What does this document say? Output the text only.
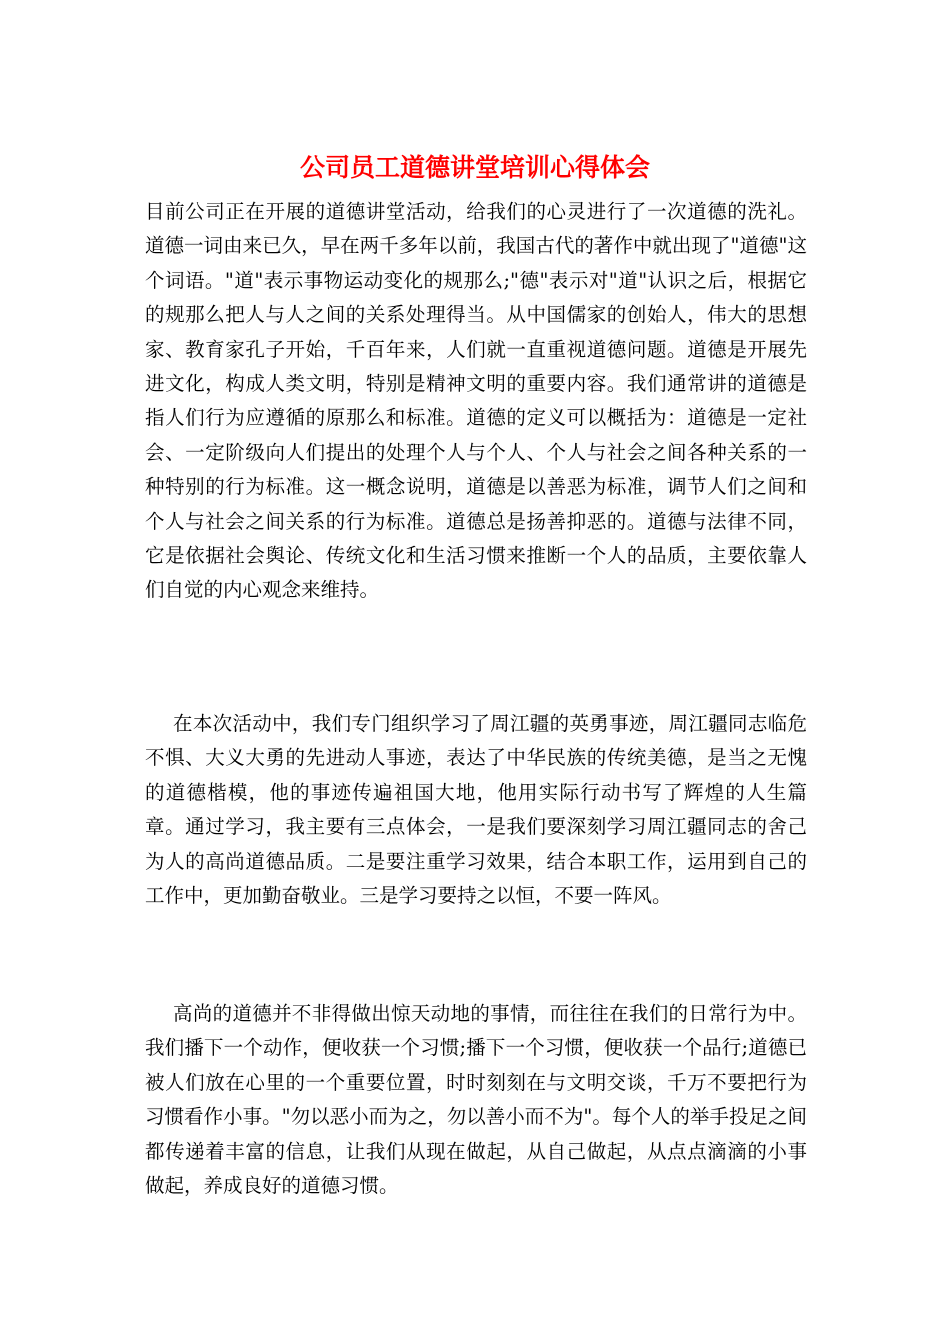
公司员工道德讲堂培训心得体会

目前公司正在开展的道德讲堂活动，给我们的心灵进行了一次道德的洗礼。道德一词由来已久，早在两千多年以前，我国古代的著作中就出现了"道德"这个词语。"道"表示事物运动变化的规那么;"德"表示对"道"认识之后，根据它的规那么把人与人之间的关系处理得当。从中国儒家的创始人，伟大的思想家、教育家孔子开始，千百年来，人们就一直重视道德问题。道德是开展先进文化，构成人类文明，特别是精神文明的重要内容。我们通常讲的道德是指人们行为应遵循的原那么和标准。道德的定义可以概括为：道德是一定社会、一定阶级向人们提出的处理个人与个人、个人与社会之间各种关系的一种特别的行为标准。这一概念说明，道德是以善恶为标准，调节人们之间和个人与社会之间关系的行为标准。道德总是扬善抑恶的。道德与法律不同，它是依据社会舆论、传统文化和生活习惯来推断一个人的品质，主要依靠人们自觉的内心观念来维持。

在本次活动中，我们专门组织学习了周江疆的英勇事迹，周江疆同志临危不惧、大义大勇的先进动人事迹，表达了中华民族的传统美德，是当之无愧的道德楷模，他的事迹传遍祖国大地，他用实际行动书写了辉煌的人生篇章。通过学习，我主要有三点体会，一是我们要深刻学习周江疆同志的舍己为人的高尚道德品质。二是要注重学习效果，结合本职工作，运用到自己的工作中，更加勤奋敬业。三是学习要持之以恒，不要一阵风。

高尚的道德并不非得做出惊天动地的事情，而往往在我们的日常行为中。我们播下一个动作，便收获一个习惯;播下一个习惯，便收获一个品行;道德已被人们放在心里的一个重要位置，时时刻刻在与文明交谈，千万不要把行为习惯看作小事。"勿以恶小而为之，勿以善小而不为"。每个人的举手投足之间都传递着丰富的信息，让我们从现在做起，从自己做起，从点点滴滴的小事做起，养成良好的道德习惯。
